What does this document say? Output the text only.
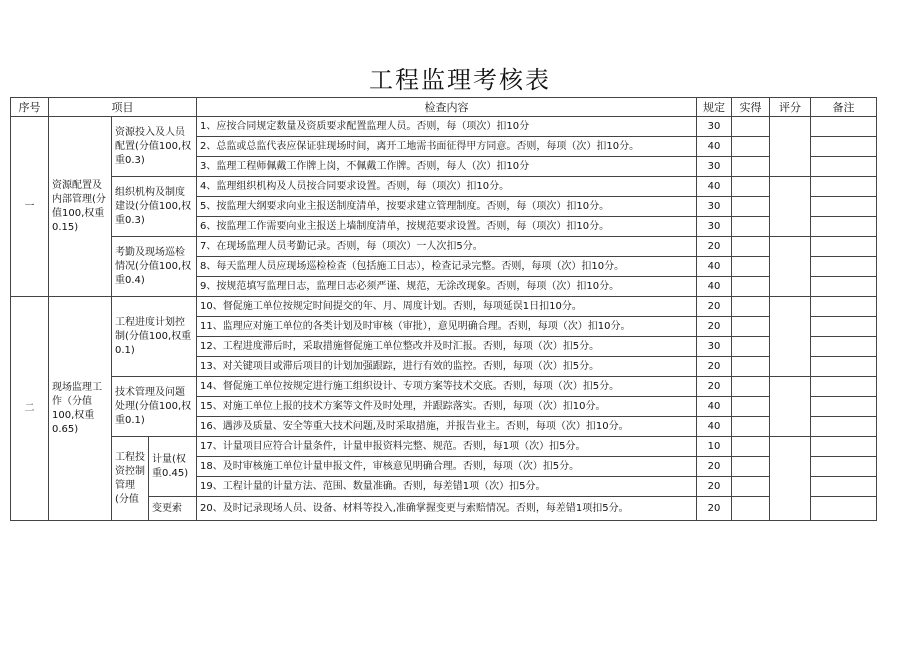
工程监理考核表
序号	项目			检查内容	规定	实得	评分	备注
一	资源配置及内部管理(分值100,权重0.15)	资源投入及人员配置(分值100,权重0.3)		1、应按合同规定数量及资质要求配置监理人员。否则，每（项次）扣10分	30			
				2、总监或总监代表应保证驻现场时间，离开工地需书面征得甲方同意。否则，每项（次）扣10分。	40			
				3、监理工程师佩戴工作牌上岗，不佩戴工作牌。否则，每人（次）扣10分	30			
		组织机构及制度建设(分值100,权重0.3)		4、监理组织机构及人员按合同要求设置。否则，每（项次）扣10分。	40			
				5、按监理大纲要求向业主报送制度清单，按要求建立管理制度。否则，每（项次）扣10分。	30			
				6、按监理工作需要向业主报送上墙制度清单，按规范要求设置。否则，每（项次）扣10分。	30			
		考勤及现场巡检情况(分值100,权重0.4)		7、在现场监理人员考勤记录。否则，每（项次）一人次扣5分。	20			
				8、每天监理人员应现场巡检检查（包括施工日志），检查记录完整。否则，每项（次）扣10分。	40			
				9、按规范填写监理日志，监理日志必须严谨、规范，无涂改现象。否则，每项（次）扣10分。	40			
二	现场监理工作（分值100,权重0.65)	工程进度计划控制(分值100,权重0.1)		10、督促施工单位按规定时间提交的年、月、周度计划。否则，每项延误1日扣10分。	20			
				11、监理应对施工单位的各类计划及时审核（审批），意见明确合理。否则，每项（次）扣10分。	20			
				12、工程进度滞后时，采取措施督促施工单位整改并及时汇报。否则，每项（次）扣5分。	30			
				13、对关键项目或滞后项目的计划加强跟踪，进行有效的监控。否则，每项（次）扣5分。	20			
		技术管理及问题处理(分值100,权重0.1)		14、督促施工单位按规定进行施工组织设计、专项方案等技术交底。否则，每项（次）扣5分。	20			
				15、对施工单位上报的技术方案等文件及时处理，并跟踪落实。否则，每项（次）扣10分。	40			
				16、遇涉及质量、安全等重大技术问题,及时采取措施，并报告业主。否则，每项（次）扣10分。	40			
		工程投资控制管理(分值	计量(权重0.45)	17、计量项目应符合计量条件，计量申报资料完整、规范。否则，每1项（次）扣5分。	10			
				18、及时审核施工单位计量申报文件，审核意见明确合理。否则，每项（次）扣5分。	20			
				19、工程计量的计量方法、范围、数量准确。否则，每差错1项（次）扣5分。	20			
			变更索	20、及时记录现场人员、设备、材料等投入,准确掌握变更与索赔情况。否则，每差错1项扣5分。	20			
